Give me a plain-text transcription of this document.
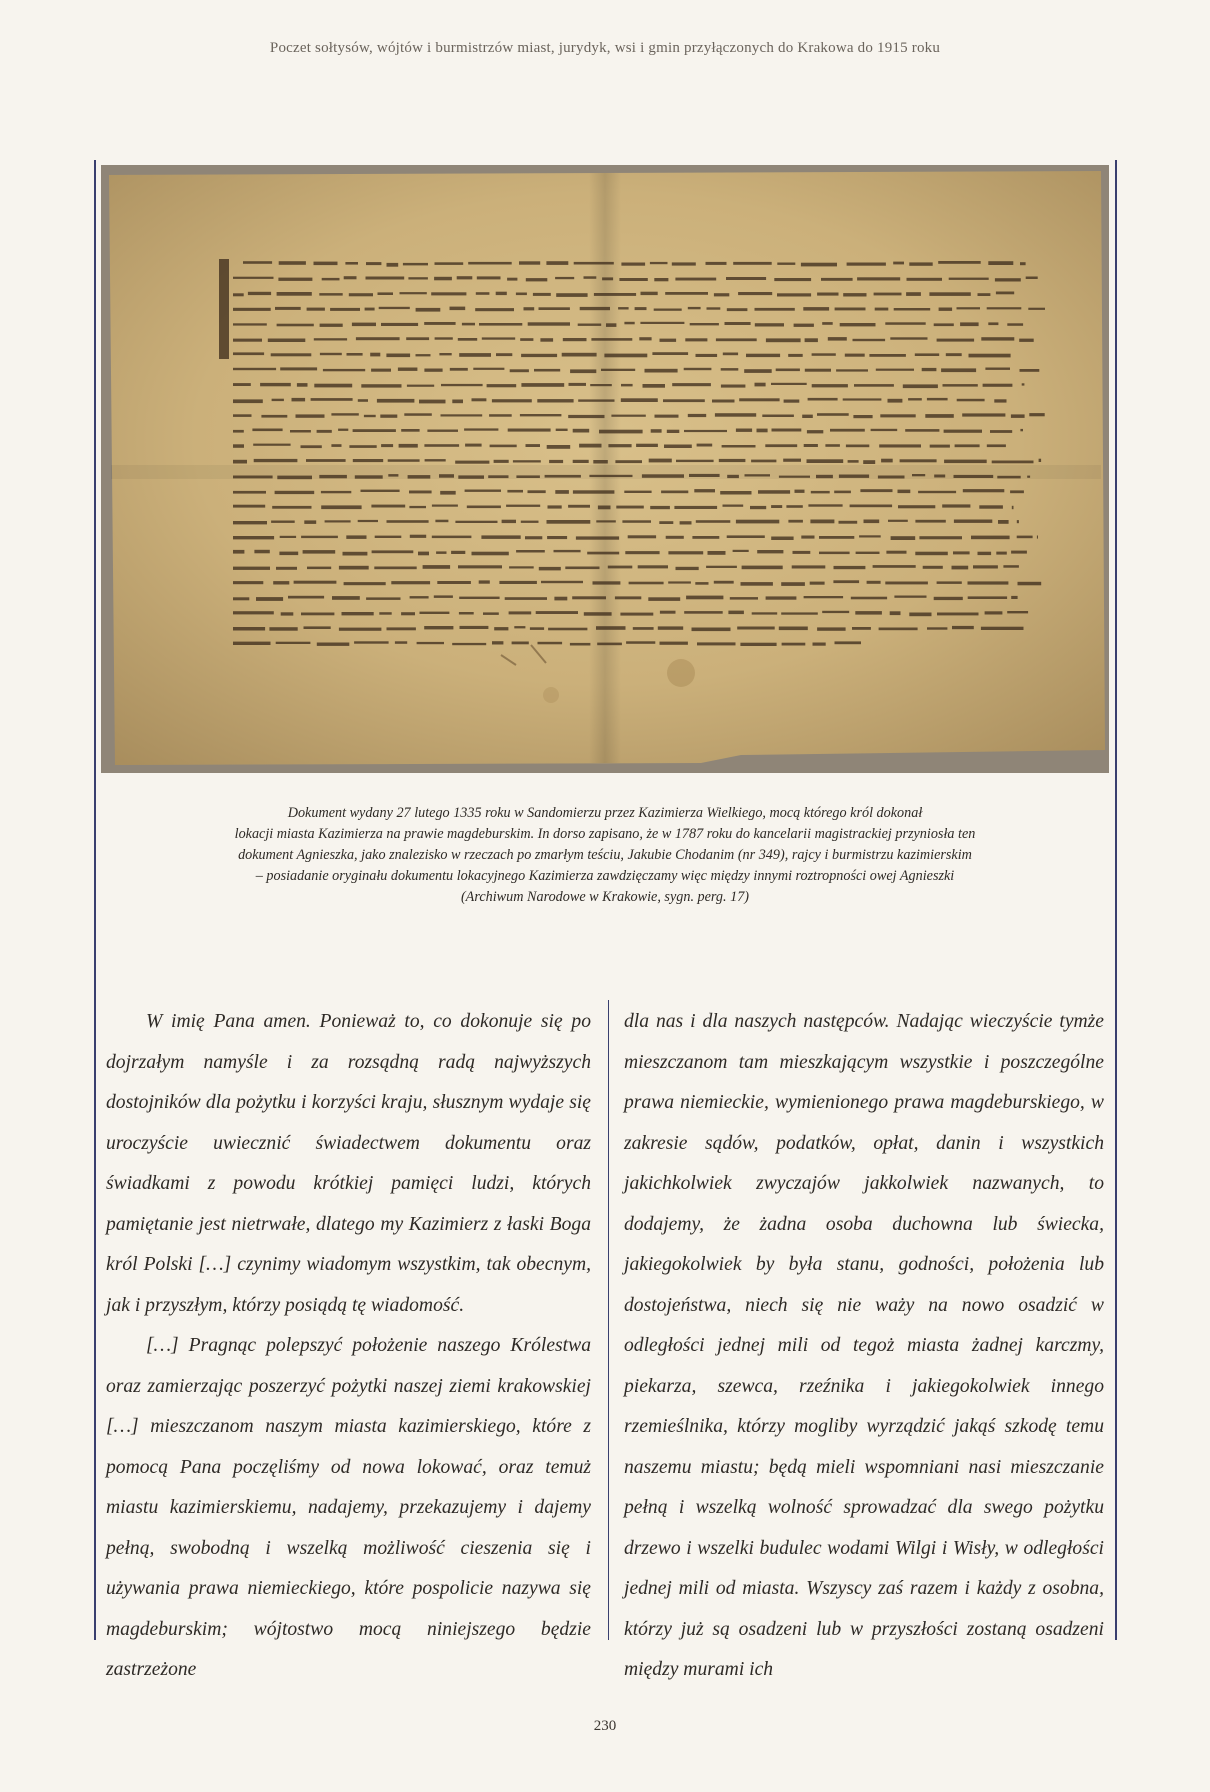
Poczet sołtysów, wójtów i burmistrzów miast, jurydyk, wsi i gmin przyłączonych do Krakowa do 1915 roku

Dokument wydany 27 lutego 1335 roku w Sandomierzu przez Kazimierza Wielkiego, mocą którego król dokonał

lokacji miasta Kazimierza na prawie magdeburskim. In dorso zapisano, że w 1787 roku do kancelarii magistrackiej przyniosła ten

dokument Agnieszka, jako znalezisko w rzeczach po zmarłym teściu, Jakubie Chodanim (nr 349), rajcy i burmistrzu kazimierskim

– posiadanie oryginału dokumentu lokacyjnego Kazimierza zawdzięczamy więc między innymi roztropności owej Agnieszki

(Archiwum Narodowe w Krakowie, sygn. perg. 17)

W imię Pana amen. Ponieważ to, co dokonuje się po dojrzałym namyśle i za rozsądną radą najwyższych dostojników dla pożytku i korzyści kraju, słusznym wydaje się uroczyście uwiecznić świadectwem dokumentu oraz świadkami z powodu krótkiej pamięci ludzi, których pamiętanie jest nietrwałe, dlatego my Kazimierz z łaski Boga król Polski […] czynimy wiadomym wszystkim, tak obecnym, jak i przyszłym, którzy posiądą tę wiadomość.

[…] Pragnąc polepszyć położenie naszego Królestwa oraz zamierzając poszerzyć pożytki naszej ziemi krakowskiej […] mieszczanom naszym miasta kazimierskiego, które z pomocą Pana poczęliśmy od nowa lokować, oraz temuż miastu kazimierskiemu, nadajemy, przekazujemy i dajemy pełną, swobodną i wszelką możliwość cieszenia się i używania prawa niemieckiego, które pospolicie nazywa się magdeburskim; wójtostwo mocą niniejszego będzie zastrzeżone

dla nas i dla naszych następców. Nadając wieczyście tymże mieszczanom tam mieszkającym wszystkie i poszczególne prawa niemieckie, wymienionego prawa magdeburskiego, w zakresie sądów, podatków, opłat, danin i wszystkich jakichkolwiek zwyczajów jakkolwiek nazwanych, to dodajemy, że żadna osoba duchowna lub świecka, jakiegokolwiek by była stanu, godności, położenia lub dostojeństwa, niech się nie waży na nowo osadzić w odległości jednej mili od tegoż miasta żadnej karczmy, piekarza, szewca, rzeźnika i jakiegokolwiek innego rzemieślnika, którzy mogliby wyrządzić jakąś szkodę temu naszemu miastu; będą mieli wspomniani nasi mieszczanie pełną i wszelką wolność sprowadzać dla swego pożytku drzewo i wszelki budulec wodami Wilgi i Wisły, w odległości jednej mili od miasta. Wszyscy zaś razem i każdy z osobna, którzy już są osadzeni lub w przyszłości zostaną osadzeni między murami ich

230
